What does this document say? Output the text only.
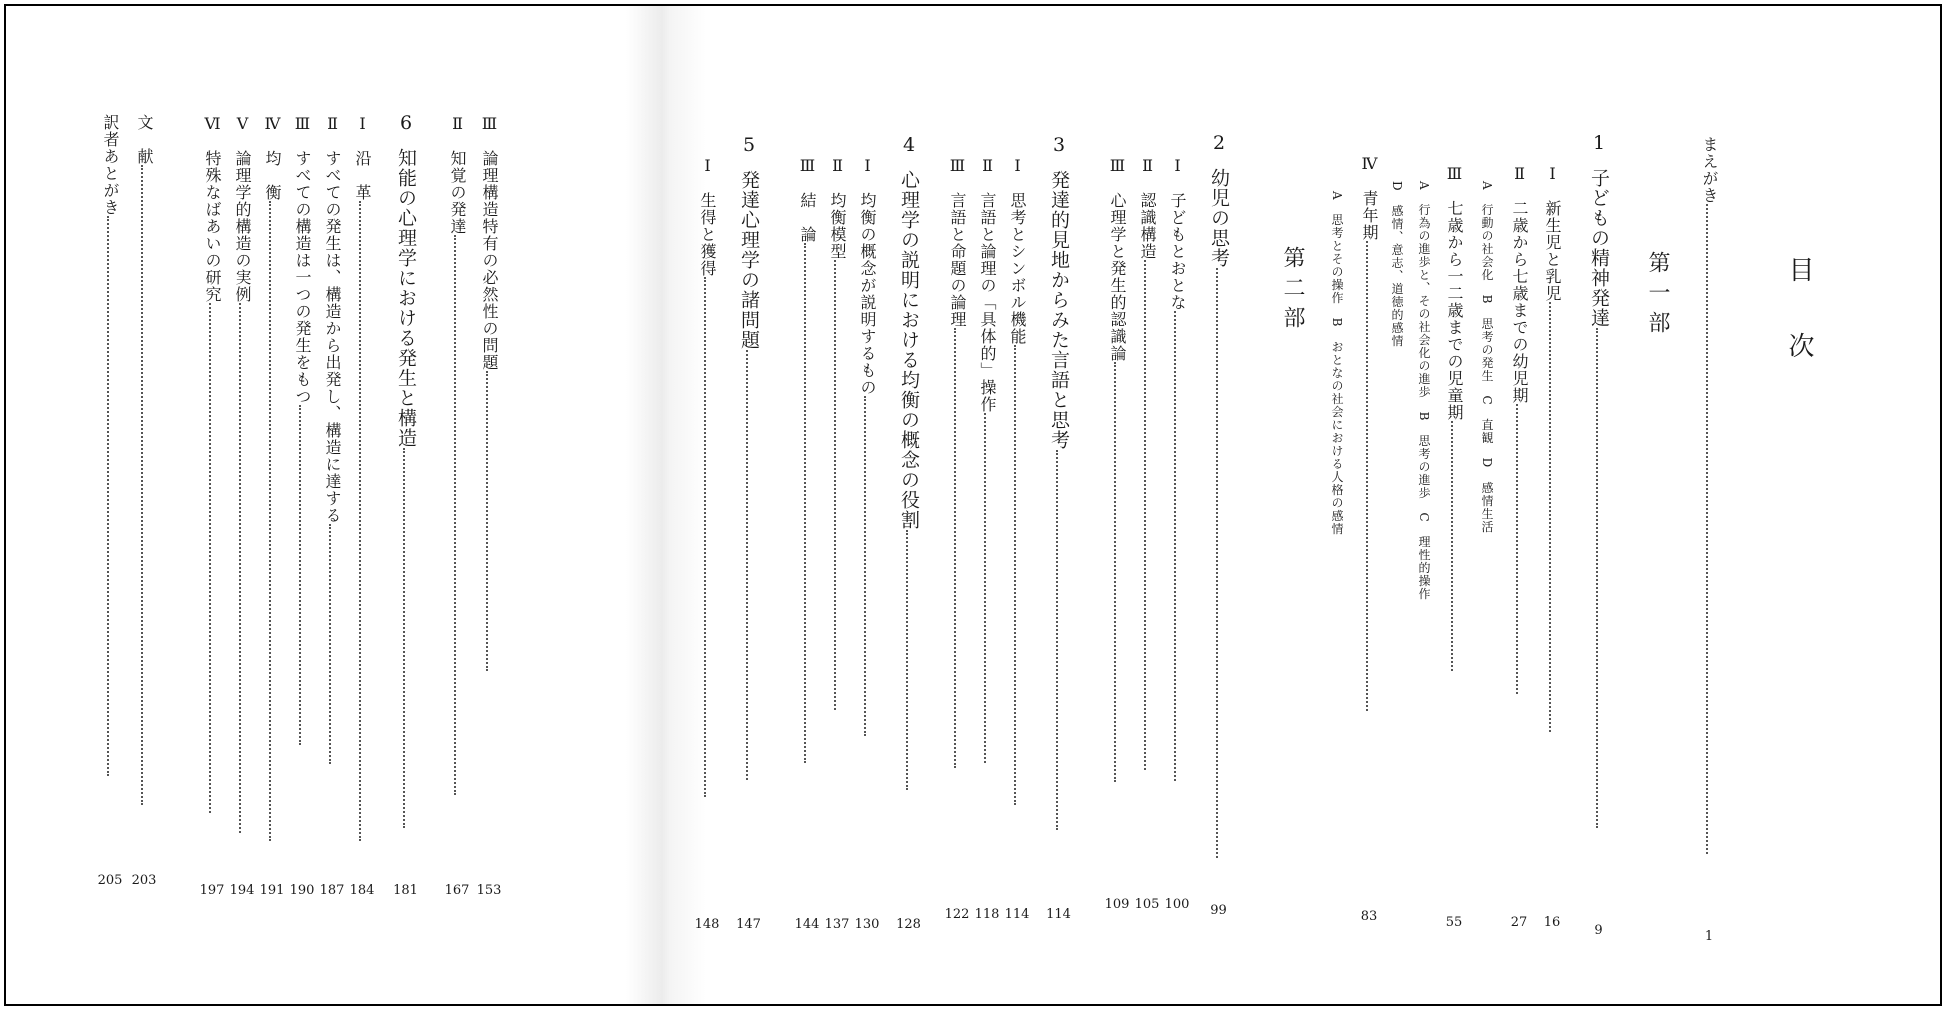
目　次
まえがき
1
第一部
1 子どもの精神発達
9
Ⅰ 新生児と乳児
16
Ⅱ 二歳から七歳までの幼児期
27
A　行動の社会化　B　思考の発生　C　直観　D　感情生活
Ⅲ 七歳から一二歳までの児童期
55
A　行為の進歩と、その社会化の進歩　B　思考の進歩　C　理性的操作
D　感情、意志、道徳的感情
Ⅳ 青年期
83
A　思考とその操作　B　おとなの社会における人格の感情
第二部
2 幼児の思考
99
Ⅰ 子どもとおとな
100
Ⅱ 認識構造
105
Ⅲ 心理学と発生的認識論
109
3 発達的見地からみた言語と思考
114
Ⅰ 思考とシンボル機能
114
Ⅱ 言語と論理の「具体的」操作
118
Ⅲ 言語と命題の論理
122
4 心理学の説明における均衡の概念の役割
128
Ⅰ 均衡の概念が説明するもの
130
Ⅱ 均衡模型
137
Ⅲ 結　論
144
5 発達心理学の諸問題
147
Ⅰ 生得と獲得
148
Ⅲ 論理構造特有の必然性の問題
153
Ⅱ 知覚の発達
167
6 知能の心理学における発生と構造
181
Ⅰ 沿　革
184
Ⅱ すべての発生は、構造から出発し、構造に達する
187
Ⅲ すべての構造は一つの発生をもつ
190
Ⅳ 均　衡
191
Ⅴ 論理学的構造の実例
194
Ⅵ 特殊なばあいの研究
197
文　献
203
訳者あとがき
205
